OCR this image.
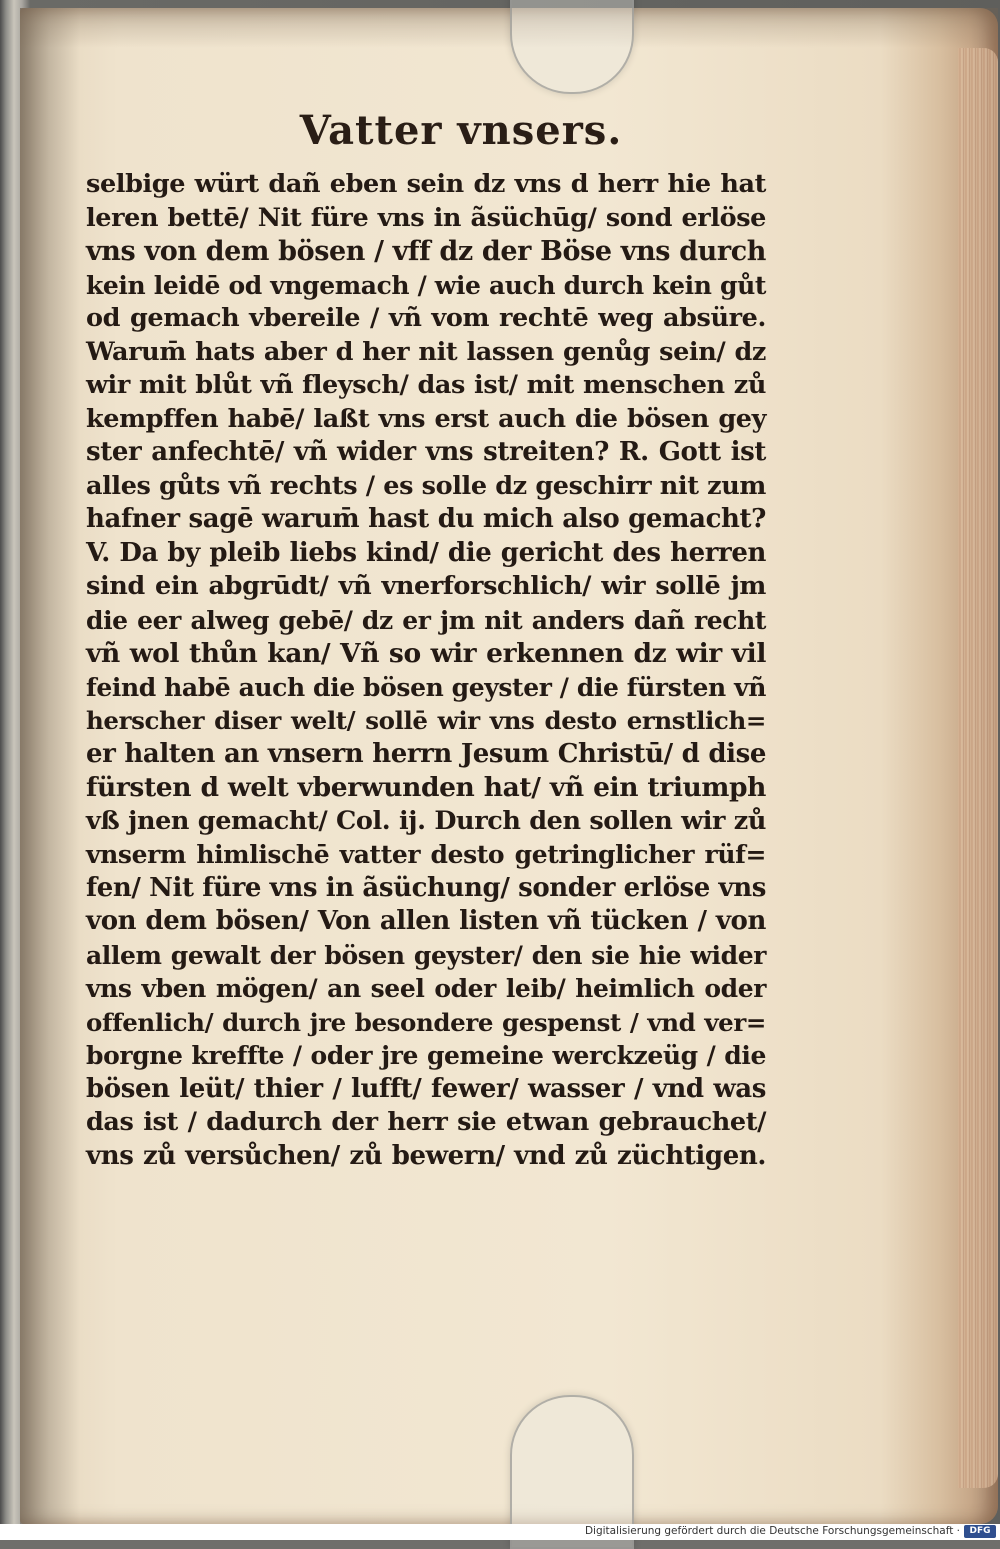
Vatter vnsers.
selbige würt dañ eben sein dz vns d herr hie hat
leren bettē/ Nit füre vns in ãsüchūg/ sond erlöse
vns von dem bösen / vff dz der Böse vns durch
kein leidē od vngemach / wie auch durch kein gůt
od gemach vbereile / vñ vom rechtē weg absüre.
Warum̄ hats aber d her nit lassen genůg sein/ dz
wir mit blůt vñ fleysch/ das ist/ mit menschen zů
kempffen habē/ laßt vns erst auch die bösen gey
ster anfechtē/ vñ wider vns streiten? R. Gott ist
alles gůts vñ rechts / es solle dz geschirr nit zum
hafner sagē warum̄ hast du mich also gemacht?
V. Da by pleib liebs kind/ die gericht des herren
sind ein abgrūdt/ vñ vnerforschlich/ wir sollē jm
die eer alweg gebē/ dz er jm nit anders dañ recht
vñ wol thůn kan/ Vñ so wir erkennen dz wir vil
feind habē auch die bösen geyster / die fürsten vñ
herscher diser welt/ sollē wir vns desto ernstlich=
er halten an vnsern herrn Jesum Christū/ d dise
fürsten d welt vberwunden hat/ vñ ein triumph
vß jnen gemacht/ Col. ij. Durch den sollen wir zů
vnserm himlischē vatter desto getringlicher rüf=
fen/ Nit füre vns in ãsüchung/ sonder erlöse vns
von dem bösen/ Von allen listen vñ tücken / von
allem gewalt der bösen geyster/ den sie hie wider
vns vben mögen/ an seel oder leib/ heimlich oder
offenlich/ durch jre besondere gespenst / vnd ver=
borgne kreffte / oder jre gemeine werckzeüg / die
bösen leüt/ thier / lufft/ fewer/ wasser / vnd was
das ist / dadurch der herr sie etwan gebrauchet/
vns zů versůchen/ zů bewern/ vnd zů züchtigen.
Digitalisierung gefördert durch die Deutsche Forschungsgemeinschaft ·	DFG
